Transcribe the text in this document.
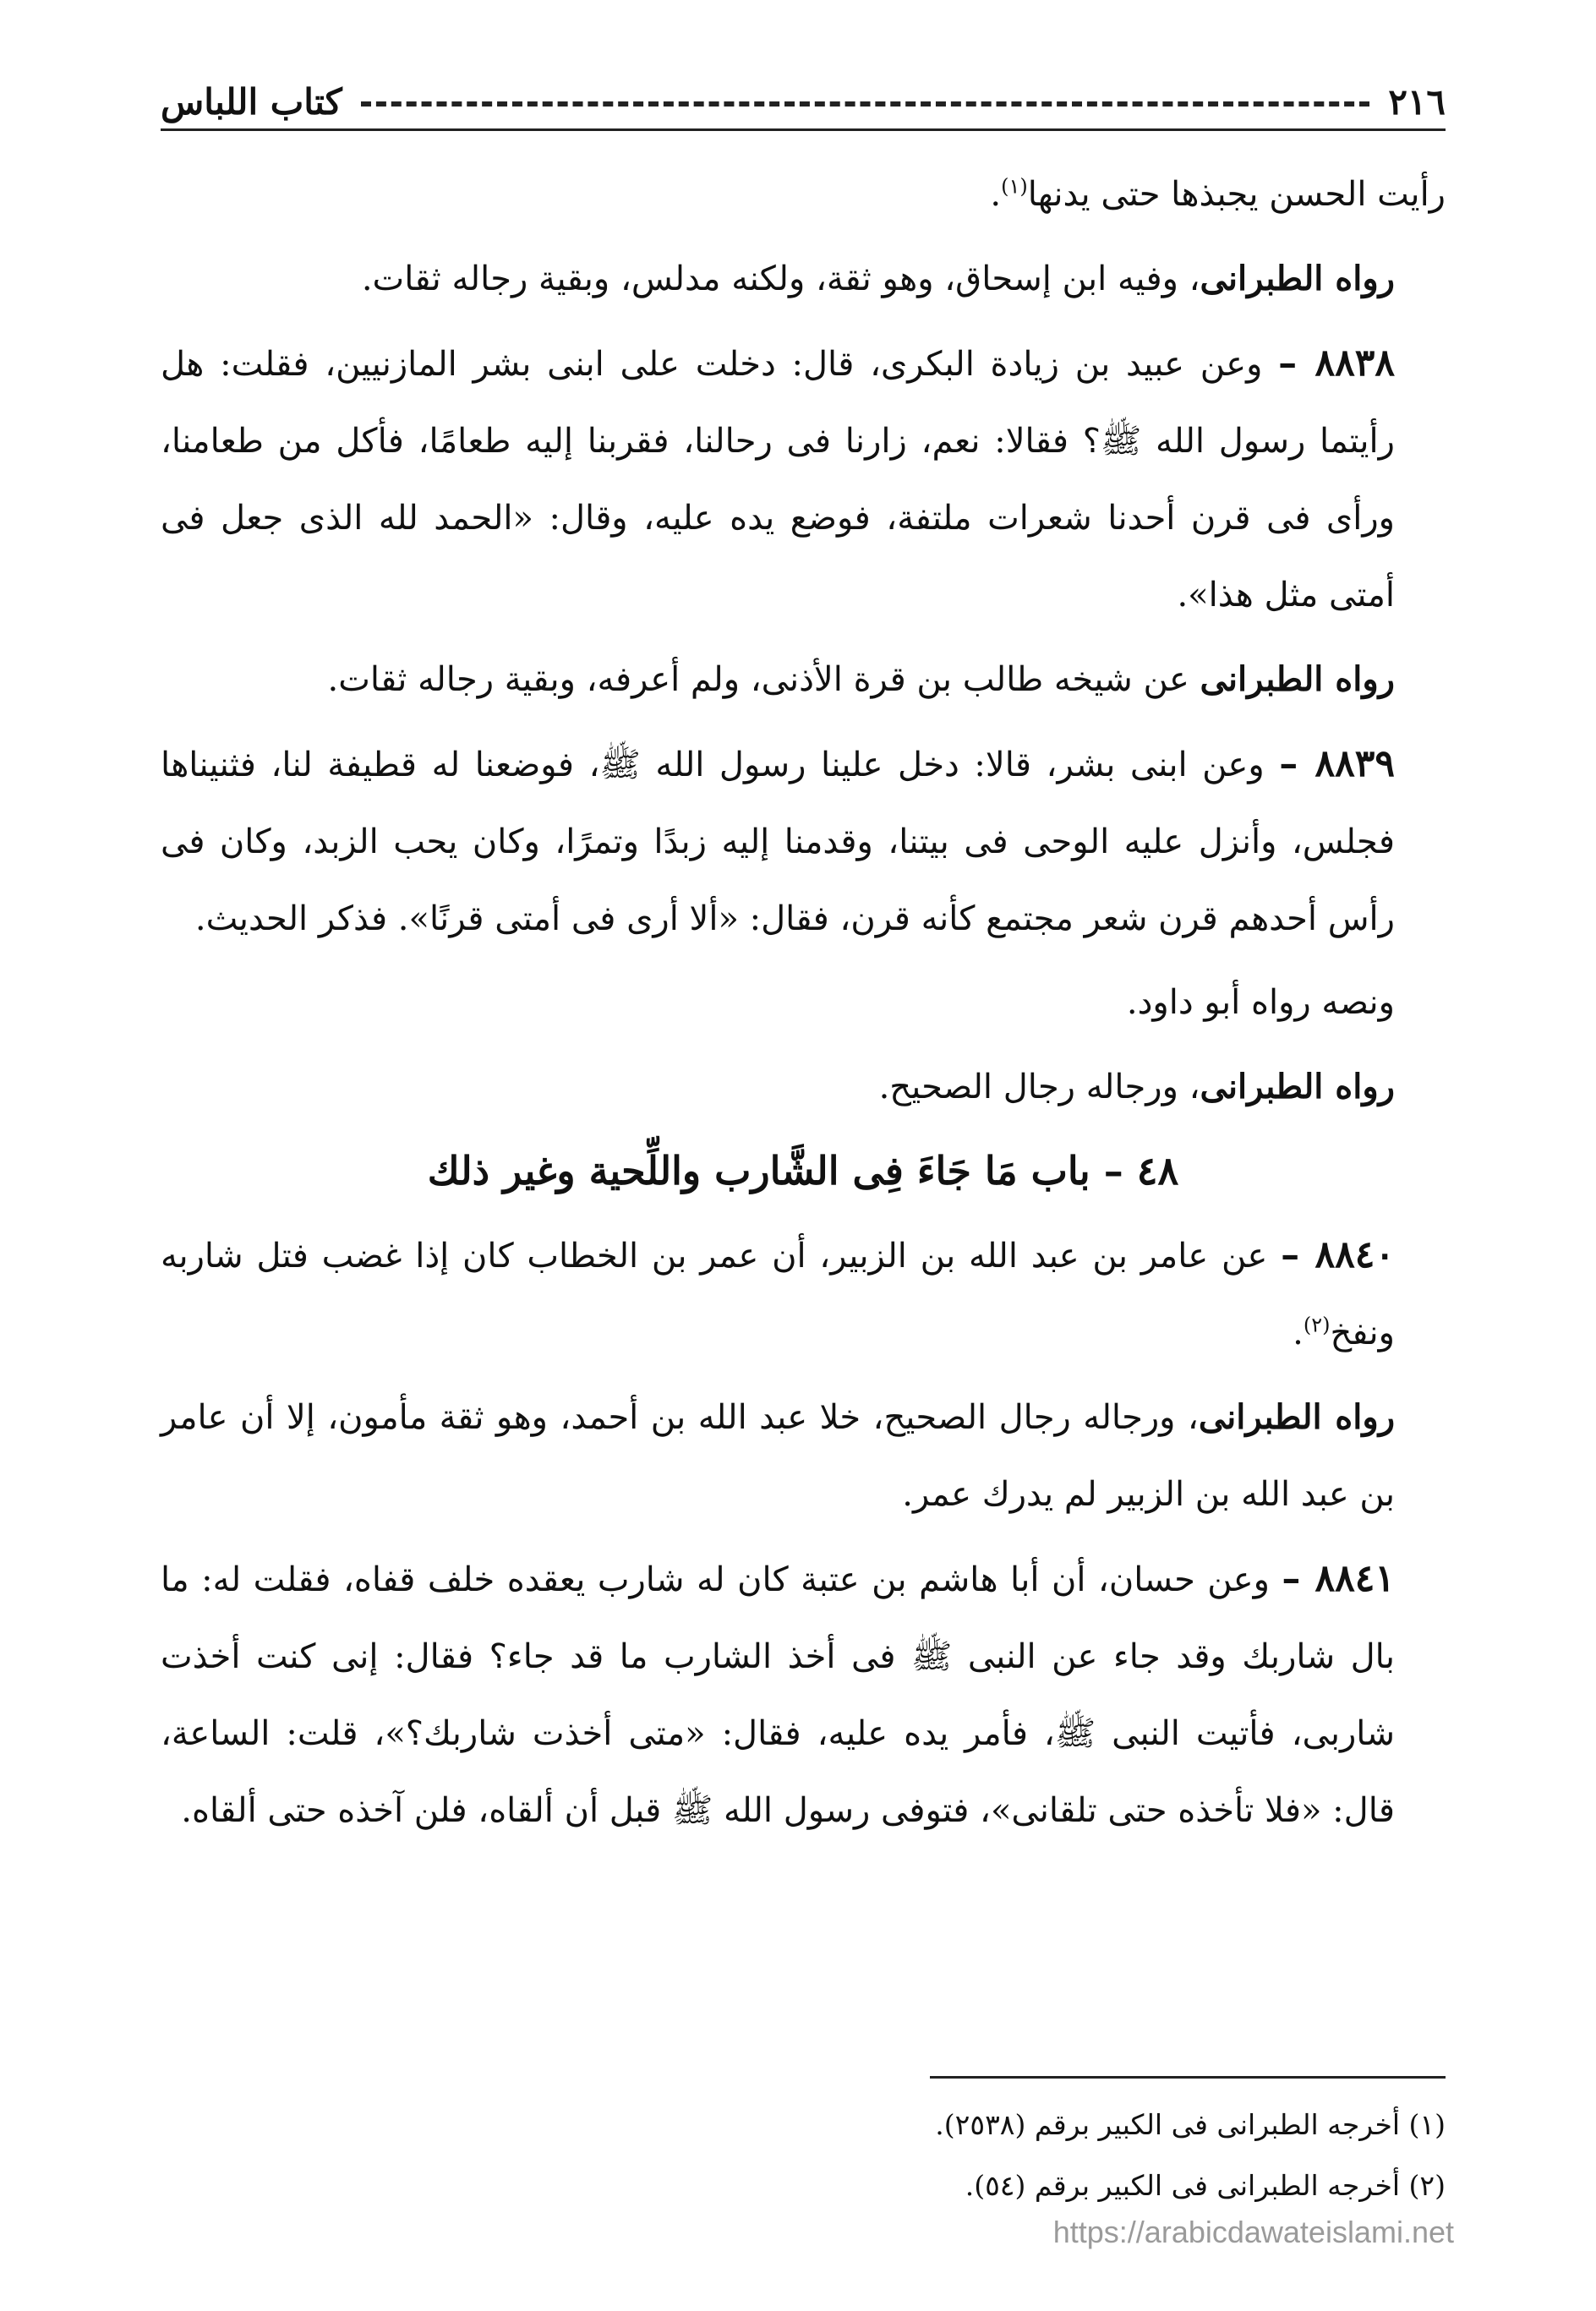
٢١٦
كتاب اللباس

رأيت الحسن يجبذها حتى يدنها$^{(١)}$.

رواه الطبرانى، وفيه ابن إسحاق، وهو ثقة، ولكنه مدلس، وبقية رجاله ثقات.

٨٨٣٨ – وعن عبيد بن زيادة البكرى، قال: دخلت على ابنى بشر المازنيين، فقلت: هل رأيتما رسول الله ﷺ؟ فقالا: نعم، زارنا فى رحالنا، فقربنا إليه طعامًا، فأكل من طعامنا، ورأى فى قرن أحدنا شعرات ملتفة، فوضع يده عليه، وقال: «الحمد لله الذى جعل فى أمتى مثل هذا».

رواه الطبرانى عن شيخه طالب بن قرة الأذنى، ولم أعرفه، وبقية رجاله ثقات.

٨٨٣٩ – وعن ابنى بشر، قالا: دخل علينا رسول الله ﷺ، فوضعنا له قطيفة لنا، فثنيناها فجلس، وأنزل عليه الوحى فى بيتنا، وقدمنا إليه زبدًا وتمرًا، وكان يحب الزبد، وكان فى رأس أحدهم قرن شعر مجتمع كأنه قرن، فقال: «ألا أرى فى أمتى قرنًا». فذكر الحديث.

ونصه رواه أبو داود.

رواه الطبرانى، ورجاله رجال الصحيح.

٤٨ – باب مَا جَاءَ فِى الشَّارب واللِّحية وغير ذلك

٨٨٤٠ – عن عامر بن عبد الله بن الزبير، أن عمر بن الخطاب كان إذا غضب فتل شاربه ونفخ$^{(٢)}$.

رواه الطبرانى، ورجاله رجال الصحيح، خلا عبد الله بن أحمد، وهو ثقة مأمون، إلا أن عامر بن عبد الله بن الزبير لم يدرك عمر.

٨٨٤١ – وعن حسان، أن أبا هاشم بن عتبة كان له شارب يعقده خلف قفاه، فقلت له: ما بال شاربك وقد جاء عن النبى ﷺ فى أخذ الشارب ما قد جاء؟ فقال: إنى كنت أخذت شاربى، فأتيت النبى ﷺ، فأمر يده عليه، فقال: «متى أخذت شاربك؟»، قلت: الساعة، قال: «فلا تأخذه حتى تلقانى»، فتوفى رسول الله ﷺ قبل أن ألقاه، فلن آخذه حتى ألقاه.

(١) أخرجه الطبرانى فى الكبير برقم (٢٥٣٨).

(٢) أخرجه الطبرانى فى الكبير برقم (٥٤).

https://arabicdawateislami.net
